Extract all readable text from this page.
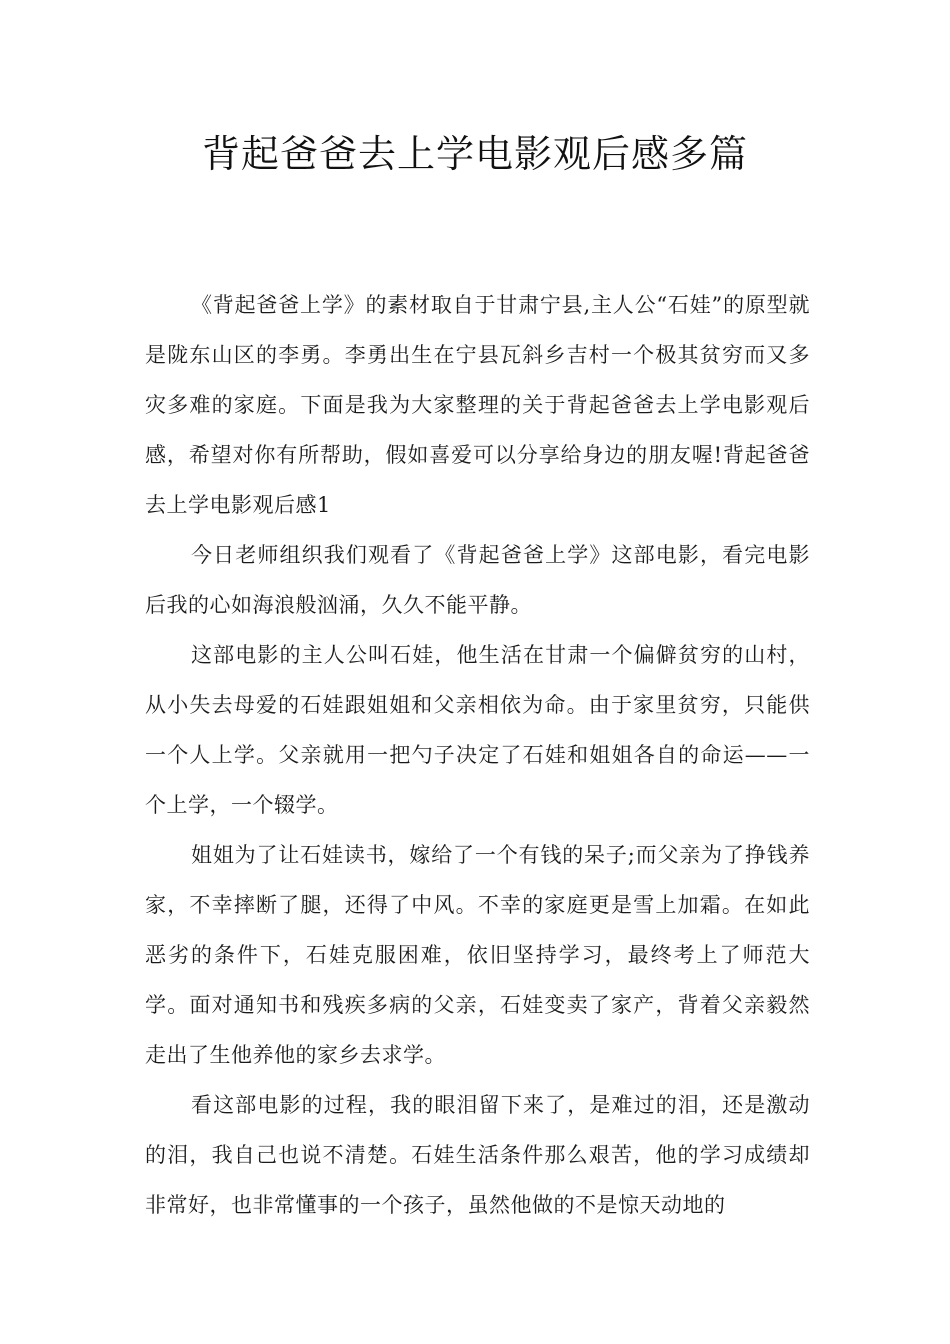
背起爸爸去上学电影观后感多篇

《背起爸爸上学》的素材取自于甘肃宁县,主人公“石娃”的原型就是陇东山区的李勇。李勇出生在宁县瓦斜乡吉村一个极其贫穷而又多灾多难的家庭。下面是我为大家整理的关于背起爸爸去上学电影观后感，希望对你有所帮助，假如喜爱可以分享给身边的朋友喔!背起爸爸去上学电影观后感1

今日老师组织我们观看了《背起爸爸上学》这部电影，看完电影后我的心如海浪般汹涌，久久不能平静。

这部电影的主人公叫石娃，他生活在甘肃一个偏僻贫穷的山村，从小失去母爱的石娃跟姐姐和父亲相依为命。由于家里贫穷，只能供一个人上学。父亲就用一把勺子决定了石娃和姐姐各自的命运——一个上学，一个辍学。

姐姐为了让石娃读书，嫁给了一个有钱的呆子;而父亲为了挣钱养家，不幸摔断了腿，还得了中风。不幸的家庭更是雪上加霜。在如此恶劣的条件下，石娃克服困难，依旧坚持学习，最终考上了师范大学。面对通知书和残疾多病的父亲，石娃变卖了家产，背着父亲毅然走出了生他养他的家乡去求学。

看这部电影的过程，我的眼泪留下来了，是难过的泪，还是激动的泪，我自己也说不清楚。石娃生活条件那么艰苦，他的学习成绩却非常好，也非常懂事的一个孩子，虽然他做的不是惊天动地的
